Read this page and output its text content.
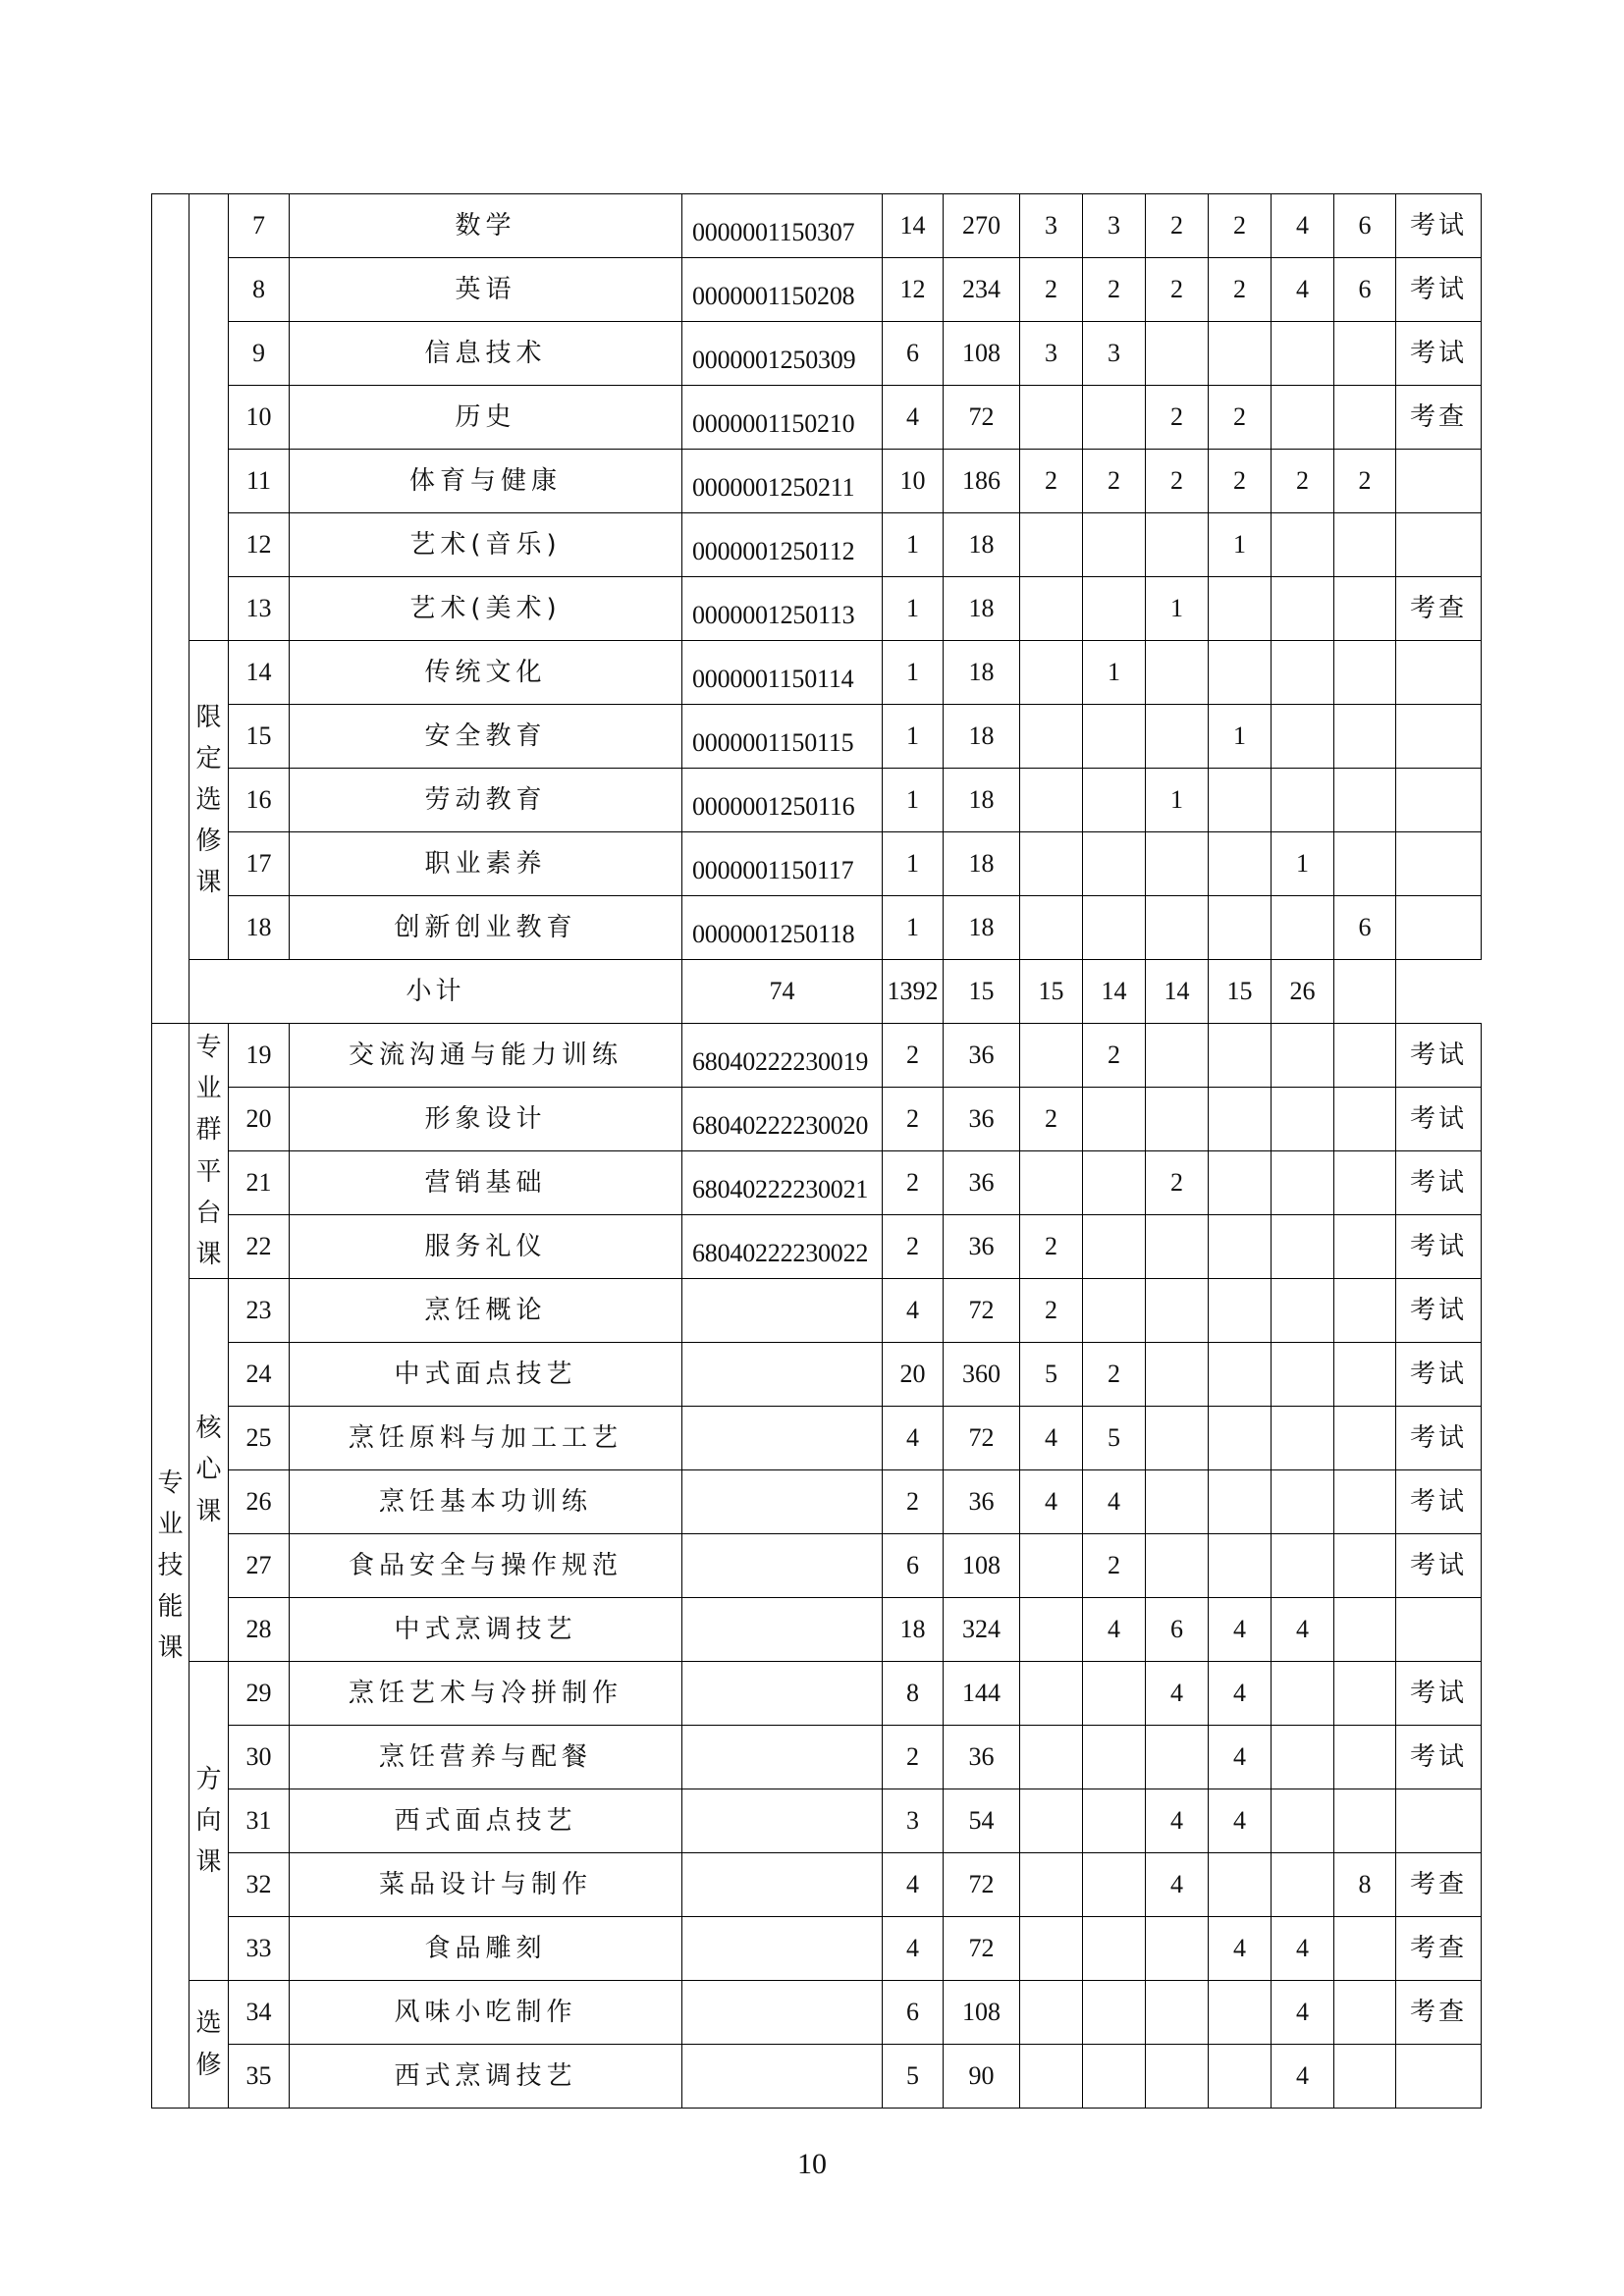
		7	数学	0000001150307	14	270	3	3	2	2	4	6	考试
		8	英语	0000001150208	12	234	2	2	2	2	4	6	考试
		9	信息技术	0000001250309	6	108	3	3					考试
		10	历史	0000001150210	4	72			2	2			考查
		11	体育与健康	0000001250211	10	186	2	2	2	2	2	2	
		12	艺术(音乐)	0000001250112	1	18				1			
		13	艺术(美术)	0000001250113	1	18			1				考查
	限定选修课	14	传统文化	0000001150114	1	18		1					
		15	安全教育	0000001150115	1	18				1			
		16	劳动教育	0000001250116	1	18			1				
		17	职业素养	0000001150117	1	18					1		
		18	创新创业教育	0000001250118	1	18						6	
	小计			74	1392	15	15	14	14	15	26		
专业技能课	专业群平台课	19	交流沟通与能力训练	68040222230019	2	36		2					考试
		20	形象设计	68040222230020	2	36	2						考试
		21	营销基础	68040222230021	2	36			2				考试
		22	服务礼仪	68040222230022	2	36	2						考试
	核心课	23	烹饪概论		4	72	2						考试
		24	中式面点技艺		20	360	5	2					考试
		25	烹饪原料与加工工艺		4	72	4	5					考试
		26	烹饪基本功训练		2	36	4	4					考试
		27	食品安全与操作规范		6	108		2					考试
		28	中式烹调技艺		18	324		4	6	4	4		
	方向课	29	烹饪艺术与冷拼制作		8	144			4	4			考试
		30	烹饪营养与配餐		2	36				4			考试
		31	西式面点技艺		3	54			4	4			
		32	菜品设计与制作		4	72			4			8	考查
		33	食品雕刻		4	72				4	4		考查
	选修	34	风味小吃制作		6	108					4		考查
		35	西式烹调技艺		5	90					4		
10
